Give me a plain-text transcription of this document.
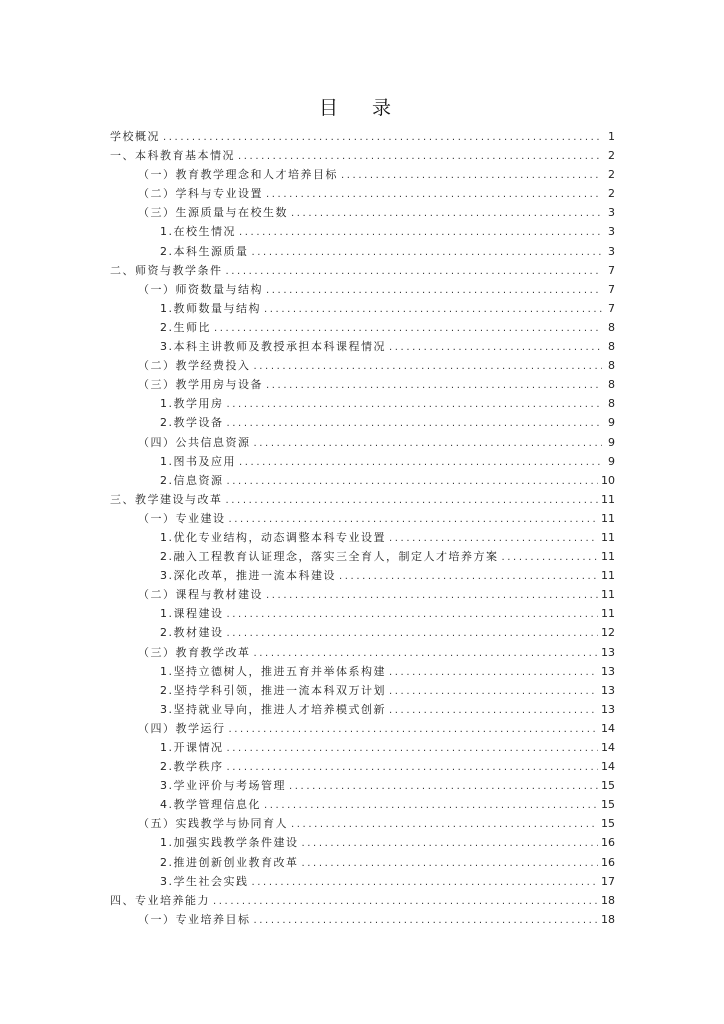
目 录
学校概况 .....	1
一、本科教育基本情况 .....	2
（一）教育教学理念和人才培养目标 .....	2
（二）学科与专业设置 .....	2
（三）生源质量与在校生数 .....	3
1.在校生情况 .....	3
2.本科生源质量 .....	3
二、师资与教学条件 .....	7
（一）师资数量与结构 .....	7
1.教师数量与结构 .....	7
2.生师比 .....	8
3.本科主讲教师及教授承担本科课程情况 .....	8
（二）教学经费投入 .....	8
（三）教学用房与设备 .....	8
1.教学用房 .....	8
2.教学设备 .....	9
（四）公共信息资源 .....	9
1.图书及应用 .....	9
2.信息资源 .....	10
三、教学建设与改革 .....	11
（一）专业建设 .....	11
1.优化专业结构，动态调整本科专业设置 .....	11
2.融入工程教育认证理念，落实三全育人，制定人才培养方案 .....	11
3.深化改革，推进一流本科建设 .....	11
（二）课程与教材建设 .....	11
1.课程建设 .....	11
2.教材建设 .....	12
（三）教育教学改革 .....	13
1.坚持立德树人，推进五育并举体系构建 .....	13
2.坚持学科引领，推进一流本科双万计划 .....	13
3.坚持就业导向，推进人才培养模式创新 .....	13
（四）教学运行 .....	14
1.开课情况 .....	14
2.教学秩序 .....	14
3.学业评价与考场管理 .....	15
4.教学管理信息化 .....	15
（五）实践教学与协同育人 .....	15
1.加强实践教学条件建设 .....	16
2.推进创新创业教育改革 .....	16
3.学生社会实践 .....	17
四、专业培养能力 .....	18
（一）专业培养目标 .....	18
